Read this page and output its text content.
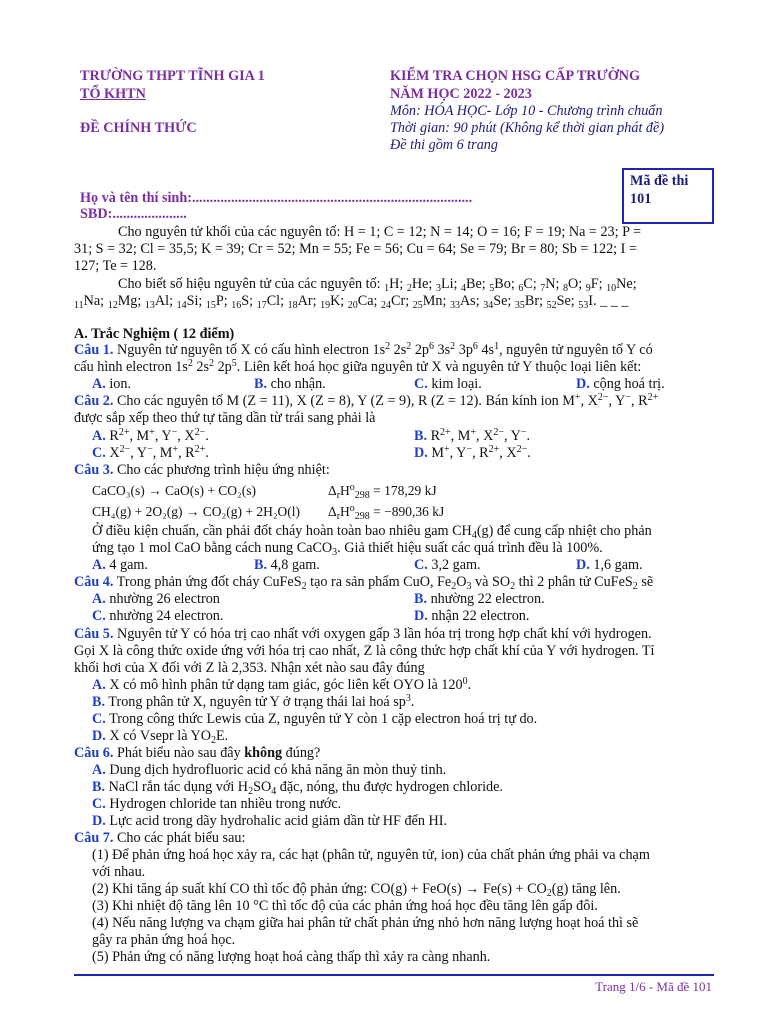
TRƯỜNG THPT TĨNH GIA 1
TỔ KHTN
ĐỀ CHÍNH THỨC
KIỂM TRA CHỌN HSG CẤP TRƯỜNG
NĂM HỌC 2022 - 2023
Môn: HÓA HỌC- Lớp 10 - Chương trình chuẩn
Thời gian: 90 phút (Không kể thời gian phát đề)
Đề thi gồm 6 trang
Mã đề thi
101
Họ và tên thí sinh:...............................................................................
SBD:.....................
Cho nguyên tử khối của các nguyên tố: H = 1; C = 12; N = 14; O = 16; F = 19; Na = 23; P =
31; S = 32; Cl = 35,5; K = 39; Cr = 52; Mn = 55; Fe = 56; Cu = 64; Se = 79; Br = 80; Sb = 122; I =
127; Te = 128.
Cho biết số hiệu nguyên tử của các nguyên tố: $_1$H; $_2$He; $_3$Li; $_4$Be; $_5$Bo; $_6$C; $_7$N; $_8$O; $_9$F; $_{10}$Ne;
$_{11}$Na; $_{12}$Mg; $_{13}$Al; $_{14}$Si; $_{15}$P; $_{16}$S; $_{17}$Cl; $_{18}$Ar; $_{19}$K; $_{20}$Ca; $_{24}$Cr; $_{25}$Mn; $_{33}$As; $_{34}$Se; $_{35}$Br; $_{52}$Se; $_{53}$I. _ _ _
A. Trắc Nghiệm ( 12 điểm)
Câu 1. Nguyên tử nguyên tố X có cấu hình electron $1s^2$ $2s^2$ $2p^6$ $3s^2$ $3p^6$ $4s^1$, nguyên tử nguyên tố Y có
cấu hình electron $1s^2$ $2s^2$ $2p^5$. Liên kết hoá học giữa nguyên tử X và nguyên tử Y thuộc loại liên kết:
A. ion.	B. cho nhận.	C. kim loại.	D. cộng hoá trị.
Câu 2. Cho các nguyên tố M (Z = 11), X (Z = 8), Y (Z = 9), R (Z = 12). Bán kính ion M+, $X^{2-}$, Y−, $R^{2+}$
được sắp xếp theo thứ tự tăng dần từ trái sang phải là
A. $R^{2+}$, M+, Y−, $X^{2-}$.	B. $R^{2+}$, M+, $X^{2-}$, Y−.
C. $X^{2-}$, Y−, M+, $R^{2+}$.	D. M+, Y−, $R^{2+}$, $X^{2-}$.
Câu 3. Cho các phương trình hiệu ứng nhiệt:
CaCO₃(s) → CaO(s) + CO₂(s)	$\Delta_rH^o_{298} = 178,29$ kJ
CH₄(g) + 2O₂(g) → CO₂(g) + 2H₂O(l) $\Delta_rH^o_{298} = -890,36$ kJ
Ở điều kiện chuẩn, cần phải đốt cháy hoàn toàn bao nhiêu gam $CH_4(g)$ để cung cấp nhiệt cho phản
ứng tạo 1 mol CaO bằng cách nung CaCO$_3$. Giả thiết hiệu suất các quá trình đều là 100%.
A. 4 gam.	B. 4,8 gam.	C. 3,2 gam.	D. 1,6 gam.
Câu 4. Trong phản ứng đốt cháy CuFeS$_2$ tạo ra sản phẩm CuO, $Fe_2O_3$ và $SO_2$ thì 2 phân tử CuFeS$_2$ sẽ
A. nhường 26 electron	B. nhường 22 electron.
C. nhường 24 electron.	D. nhận 22 electron.
Câu 5. Nguyên tử Y có hóa trị cao nhất với oxygen gấp 3 lần hóa trị trong hợp chất khí với hydrogen.
Gọi X là công thức oxide ứng với hóa trị cao nhất, Z là công thức hợp chất khí của Y với hydrogen. Tỉ
khối hơi của X đối với Z là 2,353. Nhận xét nào sau đây đúng
A. X có mô hình phân tử dạng tam giác, góc liên kết OYO là $120^0$.
B. Trong phân tử X, nguyên tử Y ở trạng thái lai hoá $sp^3$.
C. Trong công thức Lewis của Z, nguyên tử Y còn 1 cặp electron hoá trị tự do.
D. X có Vsepr là $YO_2E$.
Câu 6. Phát biểu nào sau đây không đúng?
A. Dung dịch hydrofluoric acid có khả năng ăn mòn thuỷ tinh.
B. NaCl rắn tác dụng với $H_2SO_4$ đặc, nóng, thu được hydrogen chloride.
C. Hydrogen chloride tan nhiều trong nước.
D. Lực acid trong dãy hydrohalic acid giảm dần từ HF đến HI.
Câu 7. Cho các phát biểu sau:
(1) Để phản ứng hoá học xảy ra, các hạt (phân tử, nguyên tử, ion) của chất phản ứng phải va chạm
với nhau.
(2) Khi tăng áp suất khí CO thì tốc độ phản ứng: $CO(g) + FeO(s) \to Fe(s) + CO_2(g)$ tăng lên.
(3) Khi nhiệt độ tăng lên 10 °C thì tốc độ của các phản ứng hoá học đều tăng lên gấp đôi.
(4) Nếu năng lượng va chạm giữa hai phân tử chất phản ứng nhỏ hơn năng lượng hoạt hoá thì sẽ
gây ra phản ứng hoá học.
(5) Phản ứng có năng lượng hoạt hoá càng thấp thì xảy ra càng nhanh.
Trang 1/6 - Mã đề 101
